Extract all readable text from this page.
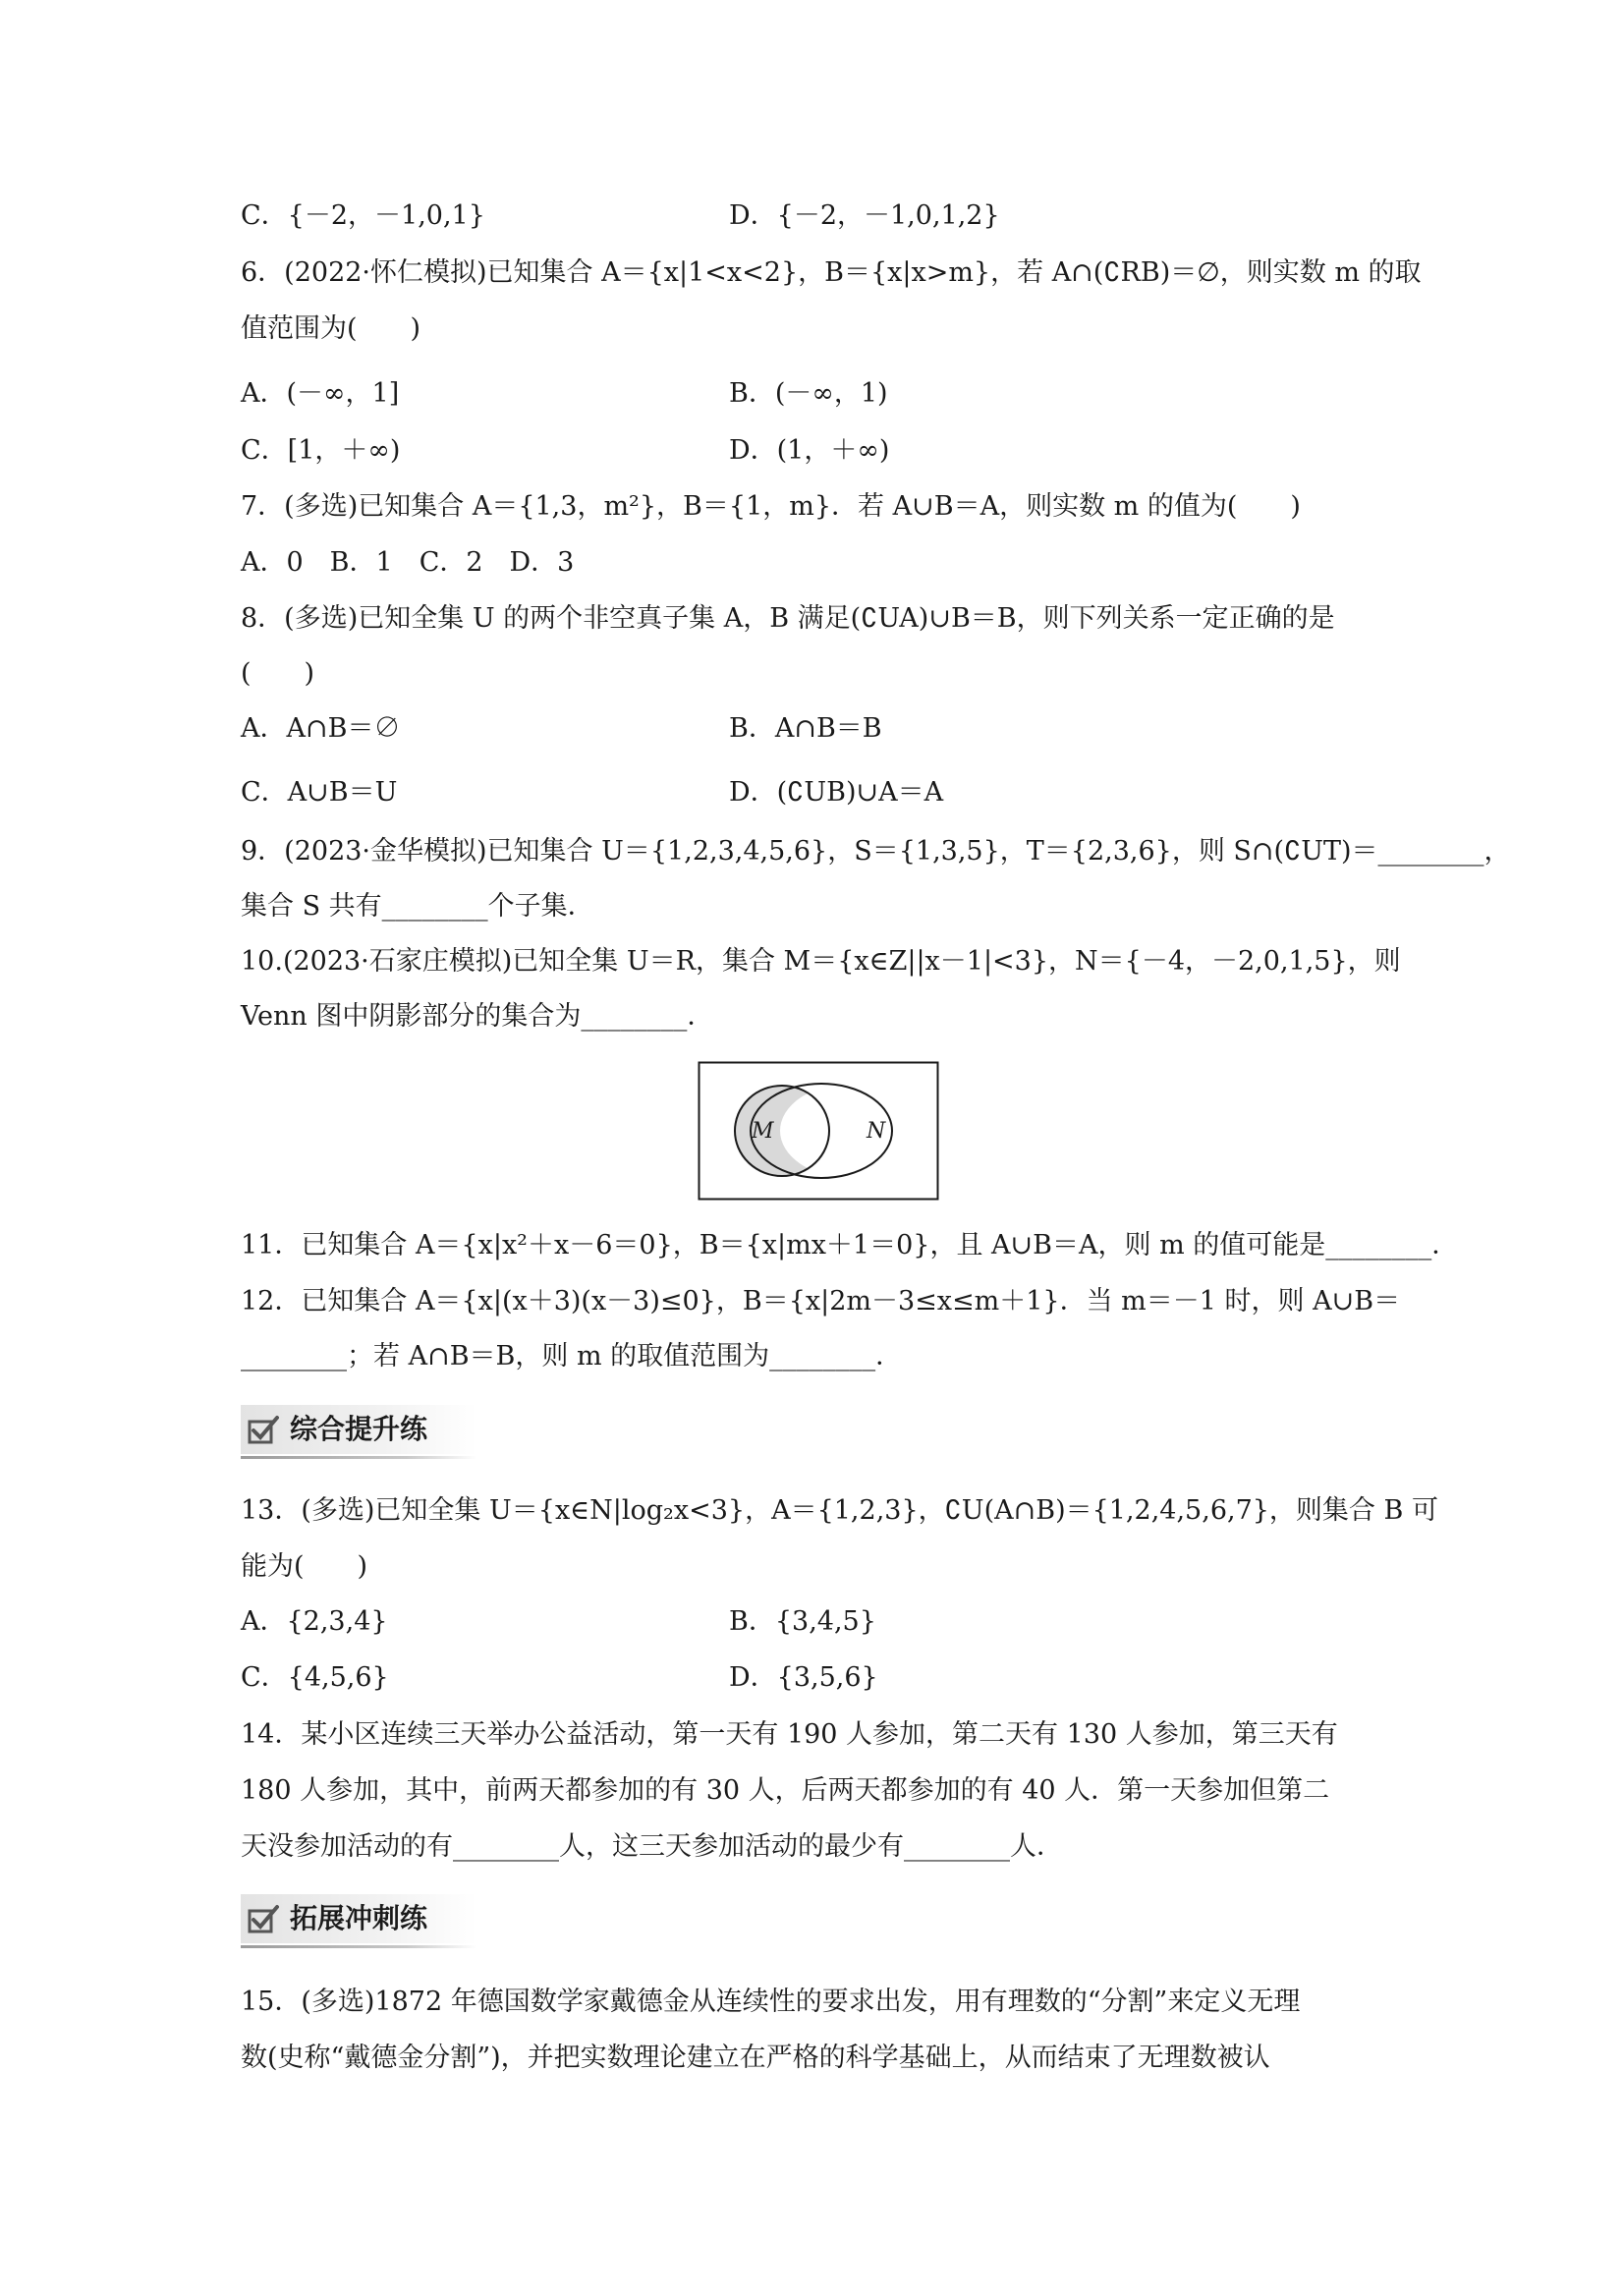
C．{－2，－1,0,1}	D．{－2，－1,0,1,2}
6．(2022·怀仁模拟)已知集合 A＝{x|1<x<2}，B＝{x|x>m}，若 A∩(∁RB)＝∅，则实数 m 的取
值范围为(　　)
A．(－∞，1]	B．(－∞，1)
C．[1，＋∞)	D．(1，＋∞)
7．(多选)已知集合 A＝{1,3，m²}，B＝{1，m}．若 A∪B＝A，则实数 m 的值为(　　)
A．0　B．1　C．2　D．3
8．(多选)已知全集 U 的两个非空真子集 A，B 满足(∁UA)∪B＝B，则下列关系一定正确的是
(　　)
A．A∩B＝∅	B．A∩B＝B
C．A∪B＝U	D．(∁UB)∪A＝A
9．(2023·金华模拟)已知集合 U＝{1,2,3,4,5,6}，S＝{1,3,5}，T＝{2,3,6}，则 S∩(∁UT)＝________，
集合 S 共有________个子集．
10.(2023·石家庄模拟)已知全集 U＝R，集合 M＝{x∈Z||x－1|<3}，N＝{－4，－2,0,1,5}，则
Venn 图中阴影部分的集合为________．
M	N
11．已知集合 A＝{x|x²＋x－6＝0}，B＝{x|mx＋1＝0}，且 A∪B＝A，则 m 的值可能是________．
12．已知集合 A＝{x|(x＋3)(x－3)≤0}，B＝{x|2m－3≤x≤m＋1}．当 m＝－1 时，则 A∪B＝
________；若 A∩B＝B，则 m 的取值范围为________．
综合提升练
13．(多选)已知全集 U＝{x∈N|log₂x<3}，A＝{1,2,3}，∁U(A∩B)＝{1,2,4,5,6,7}，则集合 B 可
能为(　　)
A．{2,3,4}	B．{3,4,5}
C．{4,5,6}	D．{3,5,6}
14．某小区连续三天举办公益活动，第一天有 190 人参加，第二天有 130 人参加，第三天有
180 人参加，其中，前两天都参加的有 30 人，后两天都参加的有 40 人．第一天参加但第二
天没参加活动的有________人，这三天参加活动的最少有________人．
拓展冲刺练
15．(多选)1872 年德国数学家戴德金从连续性的要求出发，用有理数的“分割”来定义无理
数(史称“戴德金分割”)，并把实数理论建立在严格的科学基础上，从而结束了无理数被认
